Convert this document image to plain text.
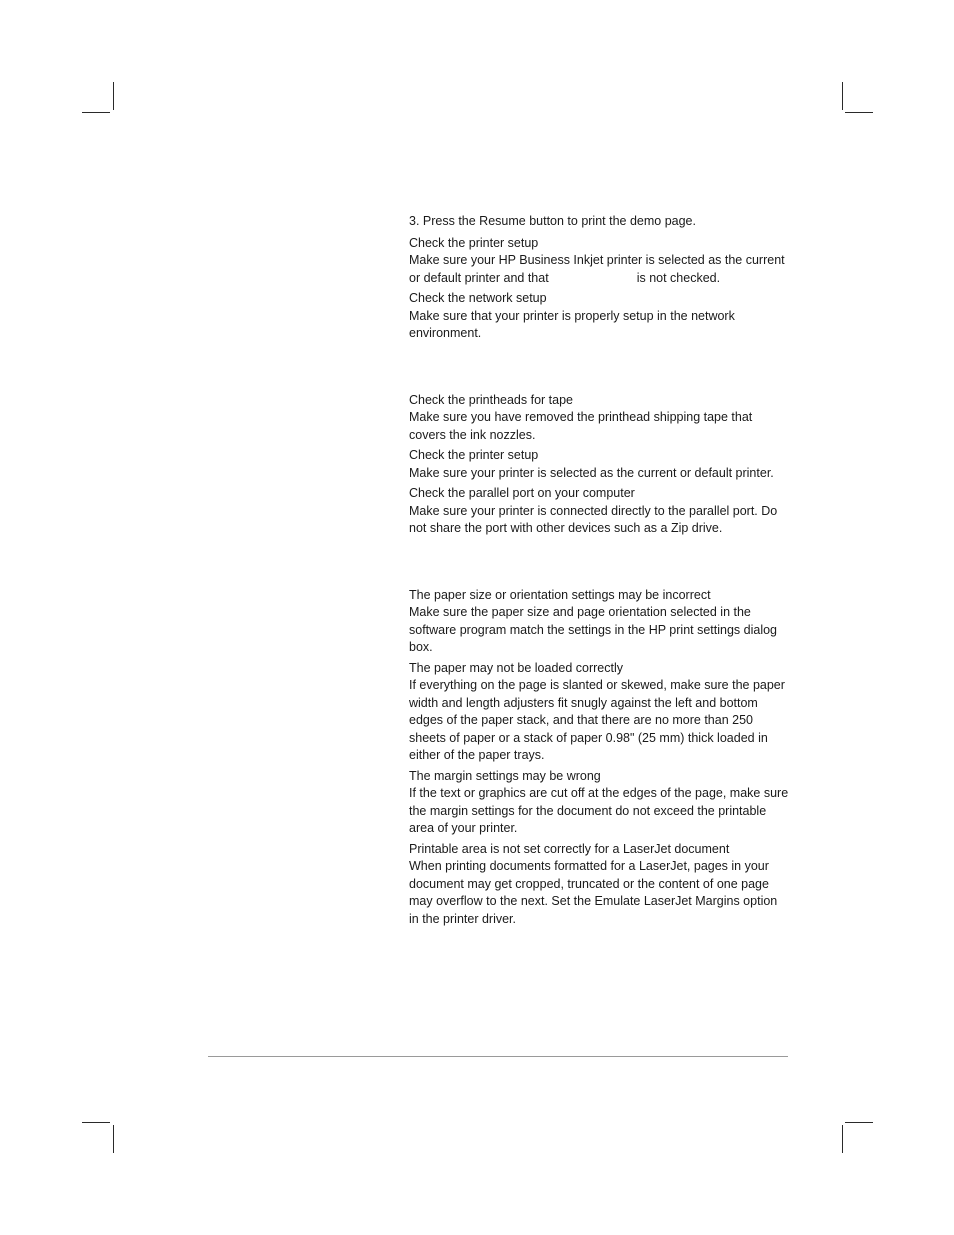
3. Press the Resume button to print the demo page.

Check the printer setup

Make sure your HP Business Inkjet printer is selected as the current or default printer and that	is not checked.

Check the network setup

Make sure that your printer is properly setup in the network environment.

Check the printheads for tape

Make sure you have removed the printhead shipping tape that covers the ink nozzles.

Check the printer setup

Make sure your printer is selected as the current or default printer.

Check the parallel port on your computer

Make sure your printer is connected directly to the parallel port. Do not share the port with other devices such as a Zip drive.

The paper size or orientation settings may be incorrect

Make sure the paper size and page orientation selected in the software program match the settings in the HP print settings dialog box.

The paper may not be loaded correctly

If everything on the page is slanted or skewed, make sure the paper width and length adjusters fit snugly against the left and bottom edges of the paper stack, and that there are no more than 250 sheets of paper or a stack of paper 0.98" (25 mm) thick loaded in either of the paper trays.

The margin settings may be wrong

If the text or graphics are cut off at the edges of the page, make sure the margin settings for the document do not exceed the printable area of your printer.

Printable area is not set correctly for a LaserJet document

When printing documents formatted for a LaserJet, pages in your document may get cropped, truncated or the content of one page may overflow to the next. Set the Emulate LaserJet Margins option in the printer driver.
